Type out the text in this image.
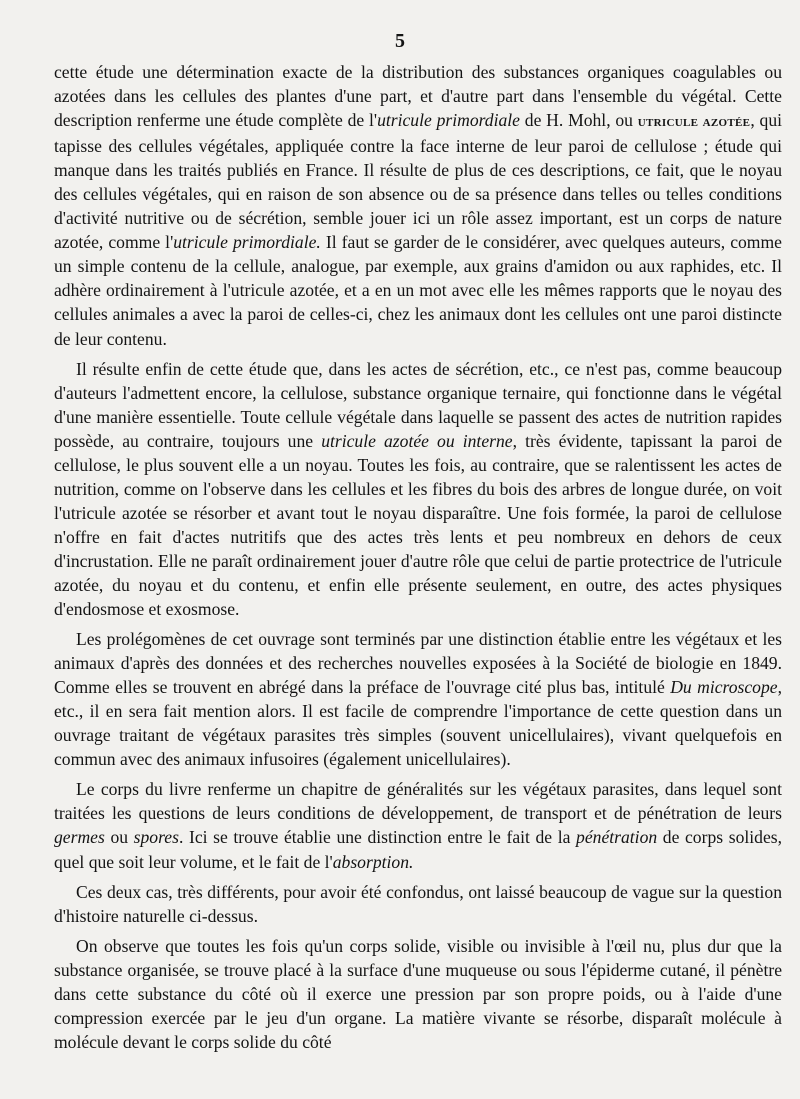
5

cette étude une détermination exacte de la distribution des substances organiques coagulables ou azotées dans les cellules des plantes d'une part, et d'autre part dans l'ensemble du végétal. Cette description renferme une étude complète de l'utricule primordiale de H. Mohl, ou utricule azotée, qui tapisse des cellules végétales, appliquée contre la face interne de leur paroi de cellulose ; étude qui manque dans les traités publiés en France. Il résulte de plus de ces descriptions, ce fait, que le noyau des cellules végétales, qui en raison de son absence ou de sa présence dans telles ou telles conditions d'activité nutritive ou de sécrétion, semble jouer ici un rôle assez important, est un corps de nature azotée, comme l'utricule primordiale. Il faut se garder de le considérer, avec quelques auteurs, comme un simple contenu de la cellule, analogue, par exemple, aux grains d'amidon ou aux raphides, etc. Il adhère ordinairement à l'utricule azotée, et a en un mot avec elle les mêmes rapports que le noyau des cellules animales a avec la paroi de celles-ci, chez les animaux dont les cellules ont une paroi distincte de leur contenu.

Il résulte enfin de cette étude que, dans les actes de sécrétion, etc., ce n'est pas, comme beaucoup d'auteurs l'admettent encore, la cellulose, substance organique ternaire, qui fonctionne dans le végétal d'une manière essentielle. Toute cellule végétale dans laquelle se passent des actes de nutrition rapides possède, au contraire, toujours une utricule azotée ou interne, très évidente, tapissant la paroi de cellulose, le plus souvent elle a un noyau. Toutes les fois, au contraire, que se ralentissent les actes de nutrition, comme on l'observe dans les cellules et les fibres du bois des arbres de longue durée, on voit l'utricule azotée se résorber et avant tout le noyau disparaître. Une fois formée, la paroi de cellulose n'offre en fait d'actes nutritifs que des actes très lents et peu nombreux en dehors de ceux d'incrustation. Elle ne paraît ordinairement jouer d'autre rôle que celui de partie protectrice de l'utricule azotée, du noyau et du contenu, et enfin elle présente seulement, en outre, des actes physiques d'endosmose et exosmose.

Les prolégomènes de cet ouvrage sont terminés par une distinction établie entre les végétaux et les animaux d'après des données et des recherches nouvelles exposées à la Société de biologie en 1849. Comme elles se trouvent en abrégé dans la préface de l'ouvrage cité plus bas, intitulé Du microscope, etc., il en sera fait mention alors. Il est facile de comprendre l'importance de cette question dans un ouvrage traitant de végétaux parasites très simples (souvent unicellulaires), vivant quelquefois en commun avec des animaux infusoires (également unicellulaires).

Le corps du livre renferme un chapitre de généralités sur les végétaux parasites, dans lequel sont traitées les questions de leurs conditions de développement, de transport et de pénétration de leurs germes ou spores. Ici se trouve établie une distinction entre le fait de la pénétration de corps solides, quel que soit leur volume, et le fait de l'absorption.

Ces deux cas, très différents, pour avoir été confondus, ont laissé beaucoup de vague sur la question d'histoire naturelle ci-dessus.

On observe que toutes les fois qu'un corps solide, visible ou invisible à l'œil nu, plus dur que la substance organisée, se trouve placé à la surface d'une muqueuse ou sous l'épiderme cutané, il pénètre dans cette substance du côté où il exerce une pression par son propre poids, ou à l'aide d'une compression exercée par le jeu d'un organe. La matière vivante se résorbe, disparaît molécule à molécule devant le corps solide du côté
